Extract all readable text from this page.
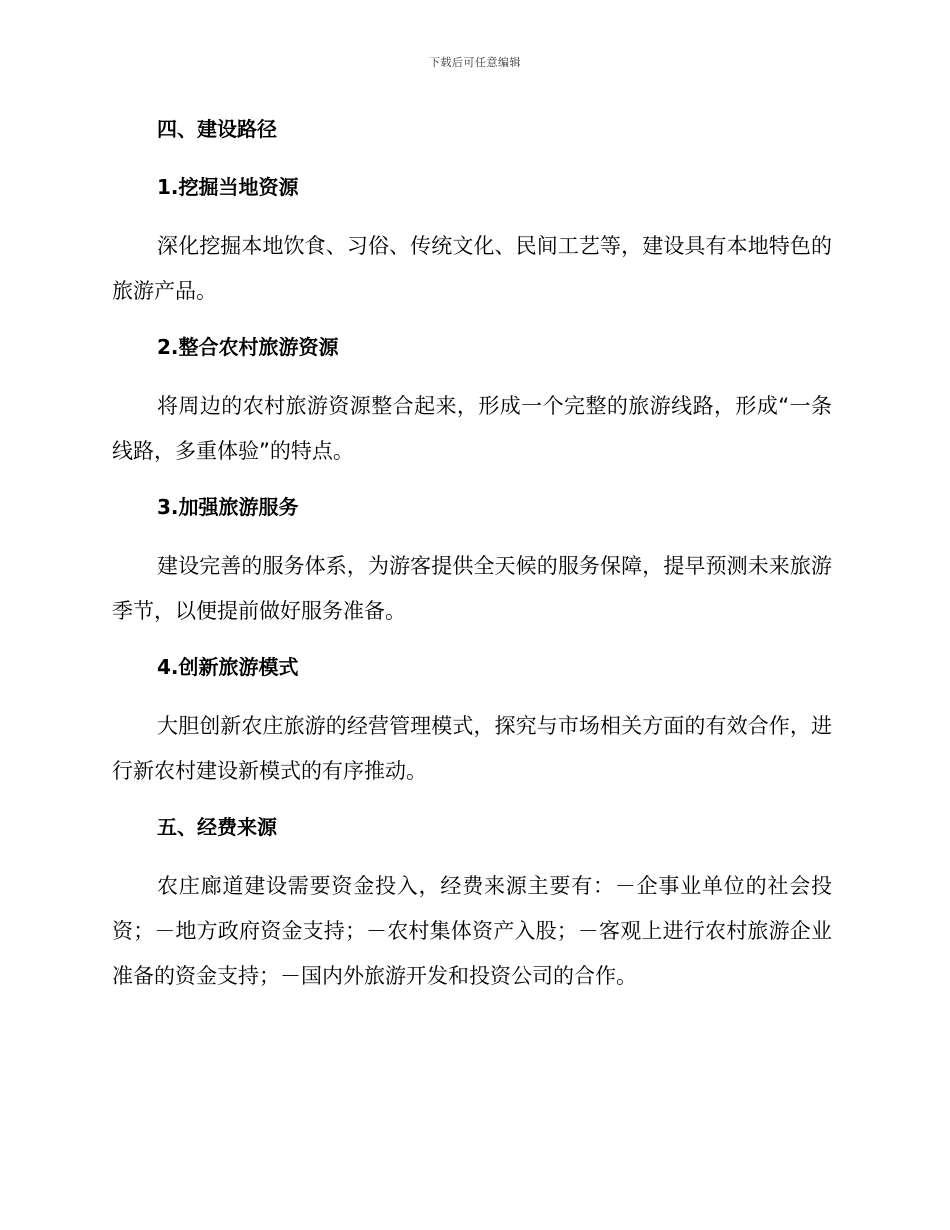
下载后可任意编辑
四、建设路径
1.挖掘当地资源

深化挖掘本地饮食、习俗、传统文化、民间工艺等，建设具有本地特色的旅游产品。

2.整合农村旅游资源

将周边的农村旅游资源整合起来，形成一个完整的旅游线路，形成“一条线路，多重体验”的特点。

3.加强旅游服务

建设完善的服务体系，为游客提供全天候的服务保障，提早预测未来旅游季节，以便提前做好服务准备。

4.创新旅游模式

大胆创新农庄旅游的经营管理模式，探究与市场相关方面的有效合作，进行新农村建设新模式的有序推动。

五、经费来源

农庄廊道建设需要资金投入，经费来源主要有：－企事业单位的社会投资；－地方政府资金支持；－农村集体资产入股；－客观上进行农村旅游企业准备的资金支持；－国内外旅游开发和投资公司的合作。
